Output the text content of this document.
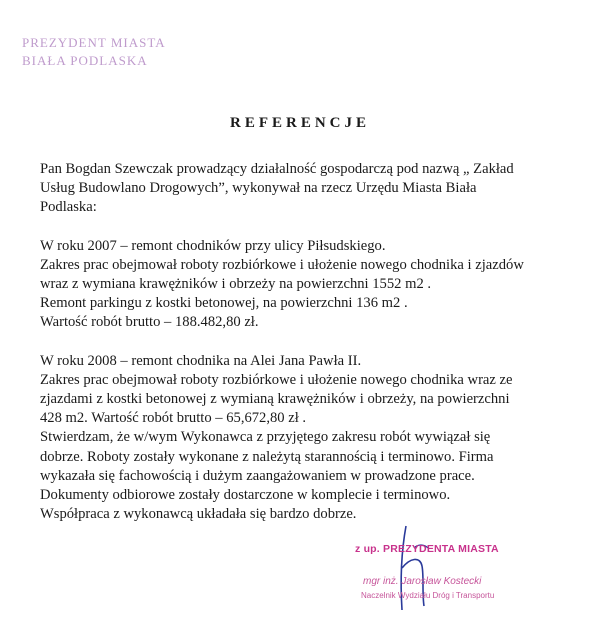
PREZYDENT MIASTA
BIAŁA PODLASKA
REFERENCJE
Pan Bogdan Szewczak prowadzący działalność gospodarczą pod nazwą „ Zakład
Usług Budowlano Drogowych”, wykonywał na rzecz Urzędu Miasta Biała
Podlaska:
W roku 2007 – remont chodników przy ulicy Piłsudskiego.
Zakres prac obejmował roboty rozbiórkowe i ułożenie nowego chodnika i zjazdów
wraz z wymiana krawężników i obrzeży na powierzchni 1552 m2 .
Remont parkingu z kostki betonowej, na powierzchni 136 m2 .
Wartość robót brutto – 188.482,80 zł.
W roku 2008 – remont chodnika na Alei Jana Pawła II.
Zakres prac obejmował roboty rozbiórkowe i ułożenie nowego chodnika wraz ze
zjazdami z kostki betonowej z wymianą krawężników i obrzeży, na powierzchni
428 m2. Wartość robót brutto – 65,672,80 zł .
Stwierdzam, że w/wym Wykonawca z przyjętego zakresu robót wywiązał się
dobrze. Roboty zostały wykonane z należytą starannością i terminowo. Firma
wykazała się fachowością i dużym zaangażowaniem w prowadzone prace.
Dokumenty odbiorowe zostały dostarczone w komplecie i terminowo.
Współpraca z wykonawcą układała się bardzo dobrze.
z up. PREZYDENTA MIASTA
mgr inż. Jarosław Kostecki
Naczelnik Wydziału Dróg i Transportu
